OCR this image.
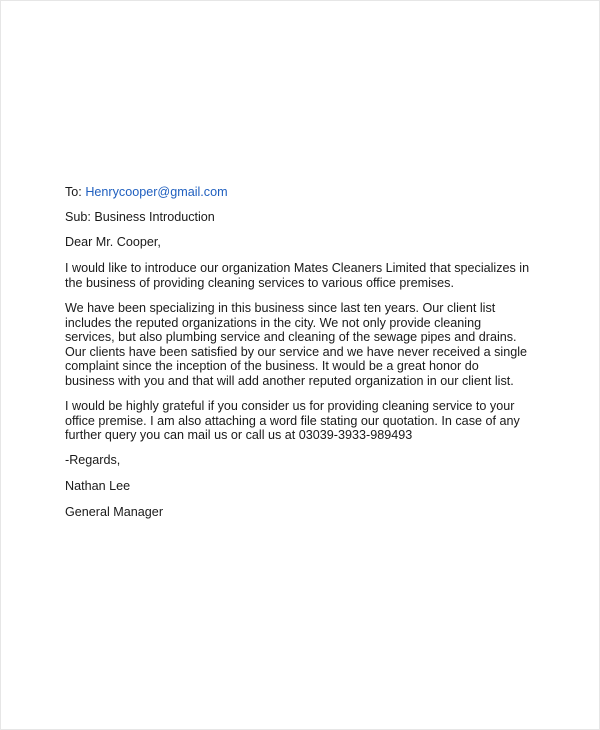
To: Henrycooper@gmail.com
Sub: Business Introduction
Dear Mr. Cooper,

I would like to introduce our organization Mates Cleaners Limited that specializes in

the business of providing cleaning services to various office premises.

We have been specializing in this business since last ten years. Our client list

includes the reputed organizations in the city. We not only provide cleaning

services, but also plumbing service and cleaning of the sewage pipes and drains.

Our clients have been satisfied by our service and we have never received a single

complaint since the inception of the business. It would be a great honor do

business with you and that will add another reputed organization in our client list.

I would be highly grateful if you consider us for providing cleaning service to your

office premise. I am also attaching a word file stating our quotation. In case of any

further query you can mail us or call us at 03039-3933-989493

-Regards,
Nathan Lee
General Manager
